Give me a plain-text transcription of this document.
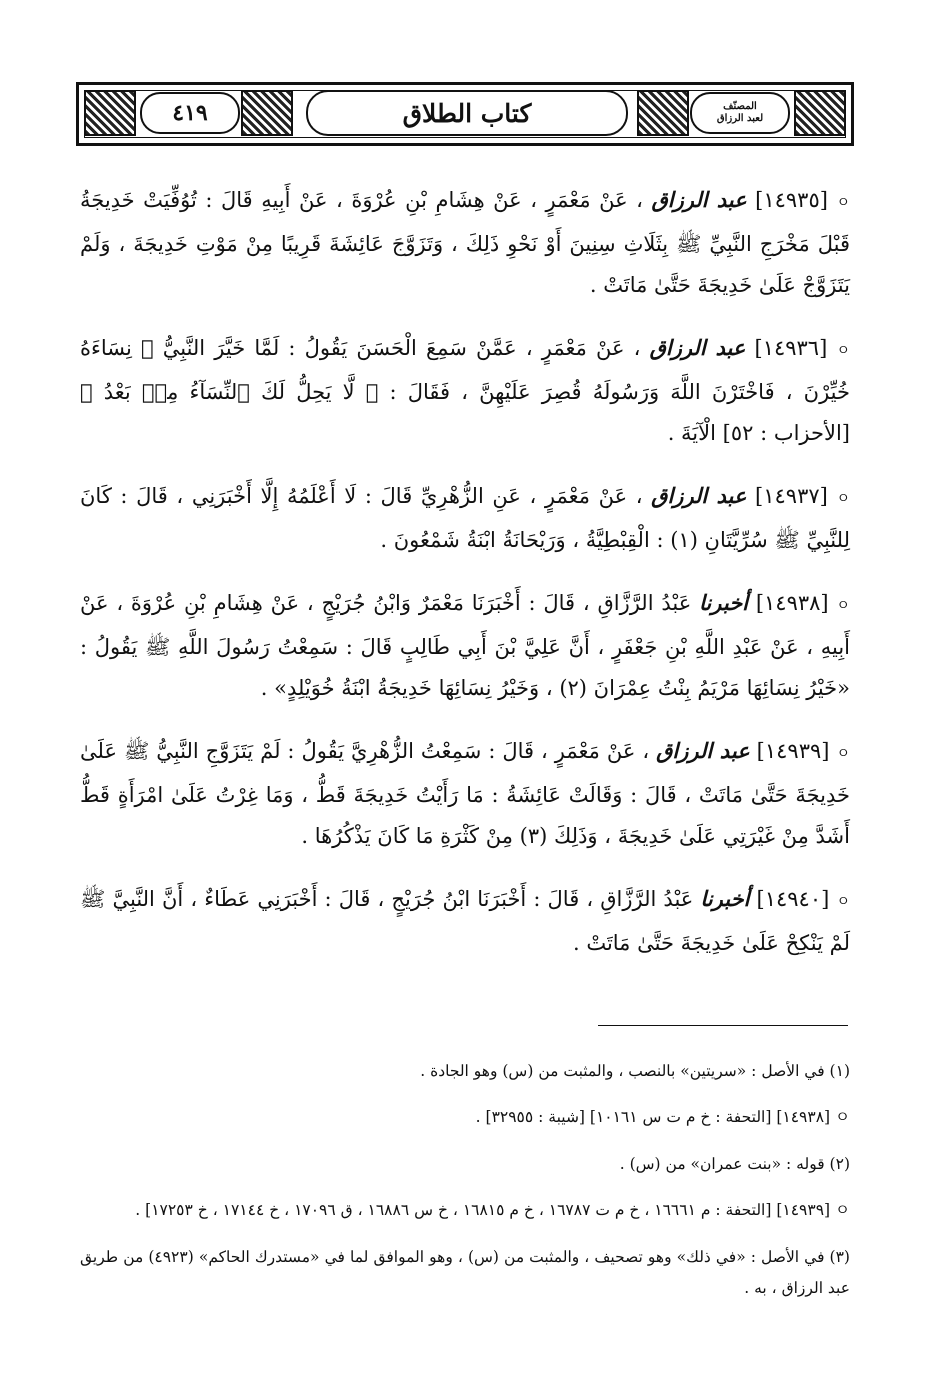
٤١٩	كتاب الطلاق	المصنّف
لعبد الرزاق

ㅇ [١٤٩٣٥] عبد الرزاق ، عَنْ مَعْمَرٍ ، عَنْ هِشَامِ بْنِ عُرْوَةَ ، عَنْ أَبِيهِ قَالَ : تُوُفِّيَتْ خَدِيجَةُ قَبْلَ مَخْرَجِ النَّبِيِّ ﷺ بِثَلَاثِ سِنِينَ أَوْ نَحْوِ ذَلِكَ ، وَتَزَوَّجَ عَائِشَةَ قَرِيبًا مِنْ مَوْتِ خَدِيجَةَ ، وَلَمْ يَتَزَوَّجْ عَلَىٰ خَدِيجَةَ حَتَّىٰ مَاتَتْ .

ㅇ [١٤٩٣٦] عبد الرزاق ، عَنْ مَعْمَرٍ ، عَمَّنْ سَمِعَ الْحَسَنَ يَقُولُ : لَمَّا خَيَّرَ النَّبِيُّ ﷺ نِسَاءَهُ خُيِّرْنَ ، فَاخْتَرْنَ اللَّهَ وَرَسُولَهُ قُصِرَ عَلَيْهِنَّ ، فَقَالَ : ﴿ لَّا يَحِلُّ لَكَ ٱلنِّسَآءُ مِنۢ بَعْدُ ﴾ [الأحزاب : ٥٢] الْآيَةَ .

ㅇ [١٤٩٣٧] عبد الرزاق ، عَنْ مَعْمَرٍ ، عَنِ الزُّهْرِيِّ قَالَ : لَا أَعْلَمُهُ إِلَّا أَخْبَرَنِي ، قَالَ : كَانَ لِلنَّبِيِّ ﷺ سُرِّيَّتَانِ (١) : الْقِبْطِيَّةُ ، وَرَيْحَانَةُ ابْنَةُ شَمْعُونَ .

ㅇ [١٤٩٣٨] أخبرنا عَبْدُ الرَّزَّاقِ ، قَالَ : أَخْبَرَنَا مَعْمَرٌ وَابْنُ جُرَيْجٍ ، عَنْ هِشَامِ بْنِ عُرْوَةَ ، عَنْ أَبِيهِ ، عَنْ عَبْدِ اللَّهِ بْنِ جَعْفَرٍ ، أَنَّ عَلِيَّ بْنَ أَبِي طَالِبٍ قَالَ : سَمِعْتُ رَسُولَ اللَّهِ ﷺ يَقُولُ : «خَيْرُ نِسَائِهَا مَرْيَمُ بِنْتُ عِمْرَانَ (٢) ، وَخَيْرُ نِسَائِهَا خَدِيجَةُ ابْنَةُ خُوَيْلِدٍ» .

ㅇ [١٤٩٣٩] عبد الرزاق ، عَنْ مَعْمَرٍ ، قَالَ : سَمِعْتُ الزُّهْرِيَّ يَقُولُ : لَمْ يَتَزَوَّجِ النَّبِيُّ ﷺ عَلَىٰ خَدِيجَةَ حَتَّىٰ مَاتَتْ ، قَالَ : وَقَالَتْ عَائِشَةُ : مَا رَأَيْتُ خَدِيجَةَ قَطُّ ، وَمَا غِرْتُ عَلَىٰ امْرَأَةٍ قَطُّ أَشَدَّ مِنْ غَيْرَتِي عَلَىٰ خَدِيجَةَ ، وَذَلِكَ (٣) مِنْ كَثْرَةِ مَا كَانَ يَذْكُرُهَا .

ㅇ [١٤٩٤٠] أخبرنا عَبْدُ الرَّزَّاقِ ، قَالَ : أَخْبَرَنَا ابْنُ جُرَيْجٍ ، قَالَ : أَخْبَرَنِي عَطَاءٌ ، أَنَّ النَّبِيَّ ﷺ لَمْ يَنْكِحْ عَلَىٰ خَدِيجَةَ حَتَّىٰ مَاتَتْ .

(١) في الأصل : «سريتين» بالنصب ، والمثبت من (س) وهو الجادة .

ㅇ [١٤٩٣٨] [التحفة : خ م ت س ١٠١٦١] [شيبة : ٣٢٩٥٥] .

(٢) قوله : «بنت عمران» من (س) .

ㅇ [١٤٩٣٩] [التحفة : م ١٦٦٦١ ، خ م ت ١٦٧٨٧ ، خ م ١٦٨١٥ ، خ س ١٦٨٨٦ ، ق ١٧٠٩٦ ، خ ١٧١٤٤ ، خ ١٧٢٥٣] .

(٣) في الأصل : «في ذلك» وهو تصحيف ، والمثبت من (س) ، وهو الموافق لما في «مستدرك الحاكم» (٤٩٢٣) من طريق عبد الرزاق ، به .
